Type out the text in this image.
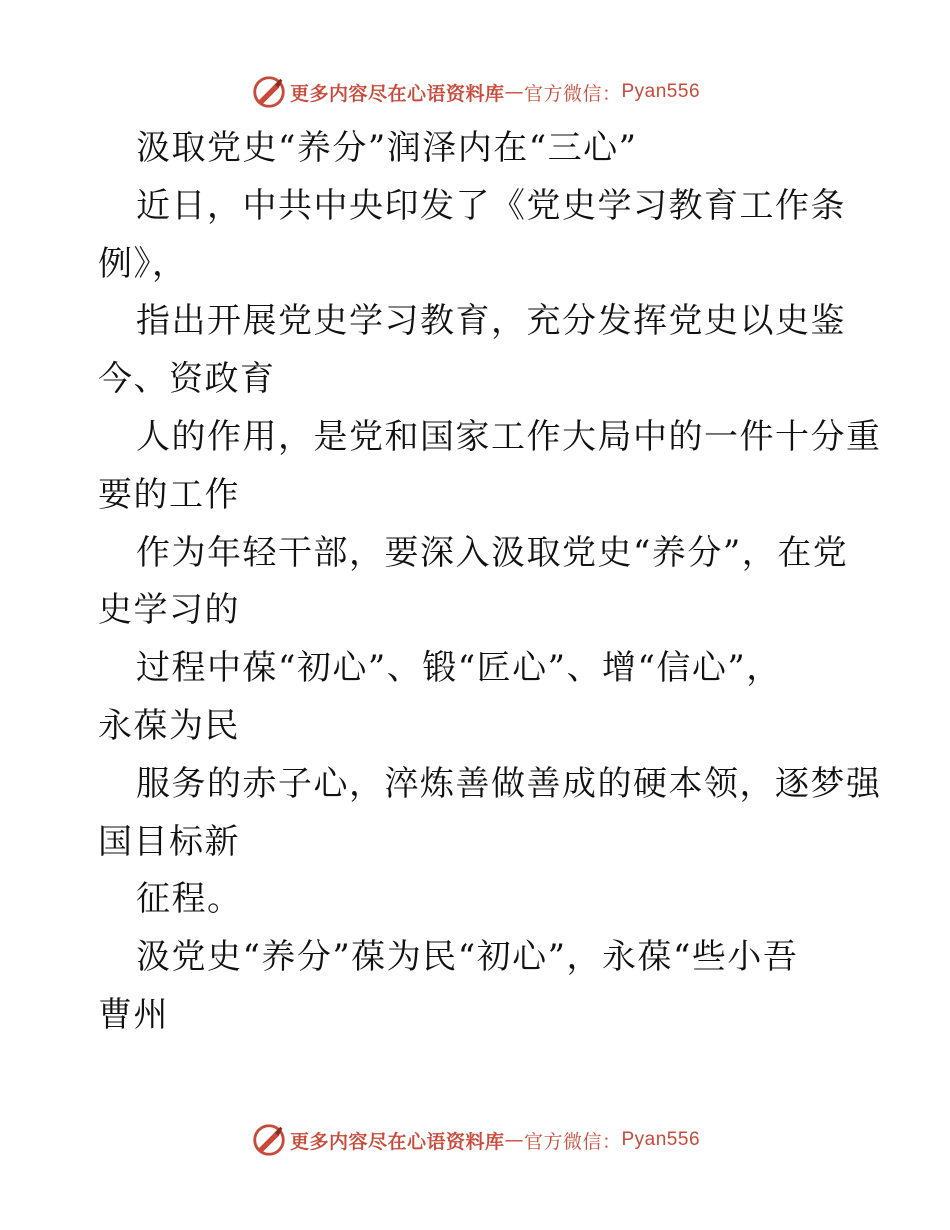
更多内容尽在心语资料库 — 官方微信： Pyan556
汲取党史“养分”润泽内在“三心”
近日，中共中央印发了《党史学习教育工作条
例》，
指出开展党史学习教育，充分发挥党史以史鉴
今、资政育
人的作用，是党和国家工作大局中的一件十分重
要的工作
作为年轻干部，要深入汲取党史“养分”，在党
史学习的
过程中葆“初心”、锻“匠心”、增“信心”，
永葆为民
服务的赤子心，淬炼善做善成的硬本领，逐梦强
国目标新
征程。
汲党史“养分”葆为民“初心”，永葆“些小吾
曹州
更多内容尽在心语资料库 — 官方微信： Pyan556
